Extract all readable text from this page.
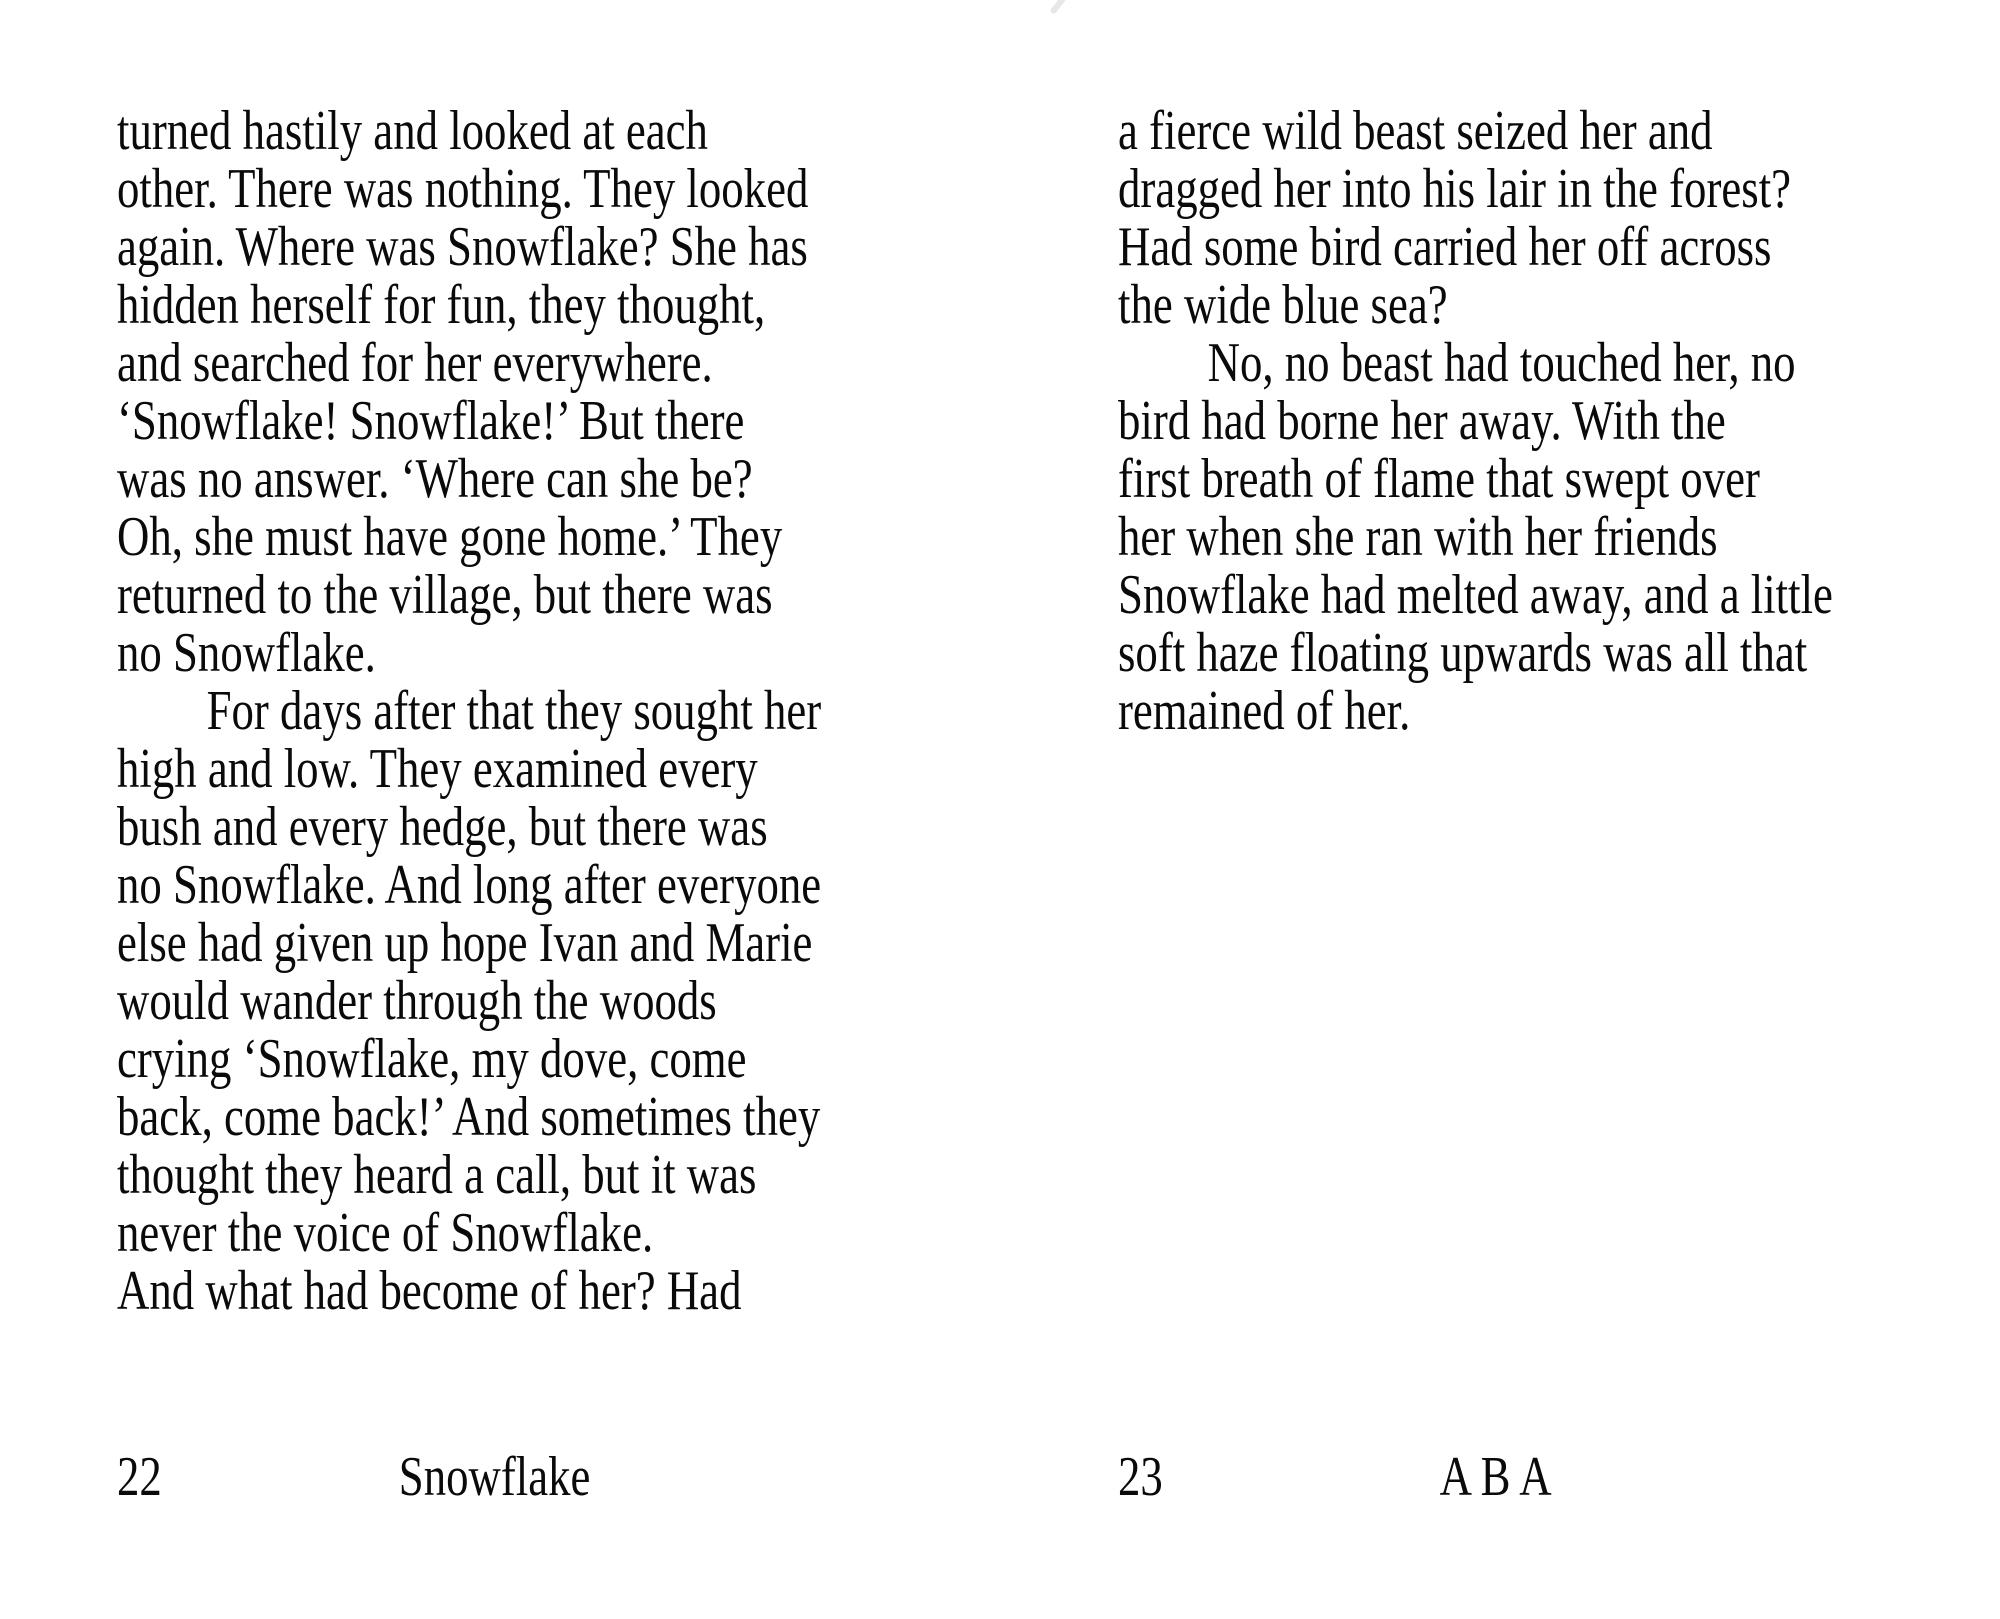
turned hastily and looked at each
other. There was nothing. They looked
again. Where was Snowflake? She has
hidden herself for fun, they thought,
and searched for her everywhere.
‘Snowflake! Snowflake!’ But there
was no answer. ‘Where can she be?
Oh, she must have gone home.’ They
returned to the village, but there was
no Snowflake.
For days after that they sought her
high and low. They examined every
bush and every hedge, but there was
no Snowflake. And long after everyone
else had given up hope Ivan and Marie
would wander through the woods
crying ‘Snowflake, my dove, come
back, come back!’ And sometimes they
thought they heard a call, but it was
never the voice of Snowflake.
And what had become of her? Had
22	Snowflake
a fierce wild beast seized her and
dragged her into his lair in the forest?
Had some bird carried her off across
the wide blue sea?
No, no beast had touched her, no
bird had borne her away. With the
first breath of flame that swept over
her when she ran with her friends
Snowflake had melted away, and a little
soft haze floating upwards was all that
remained of her.
23	A B A
